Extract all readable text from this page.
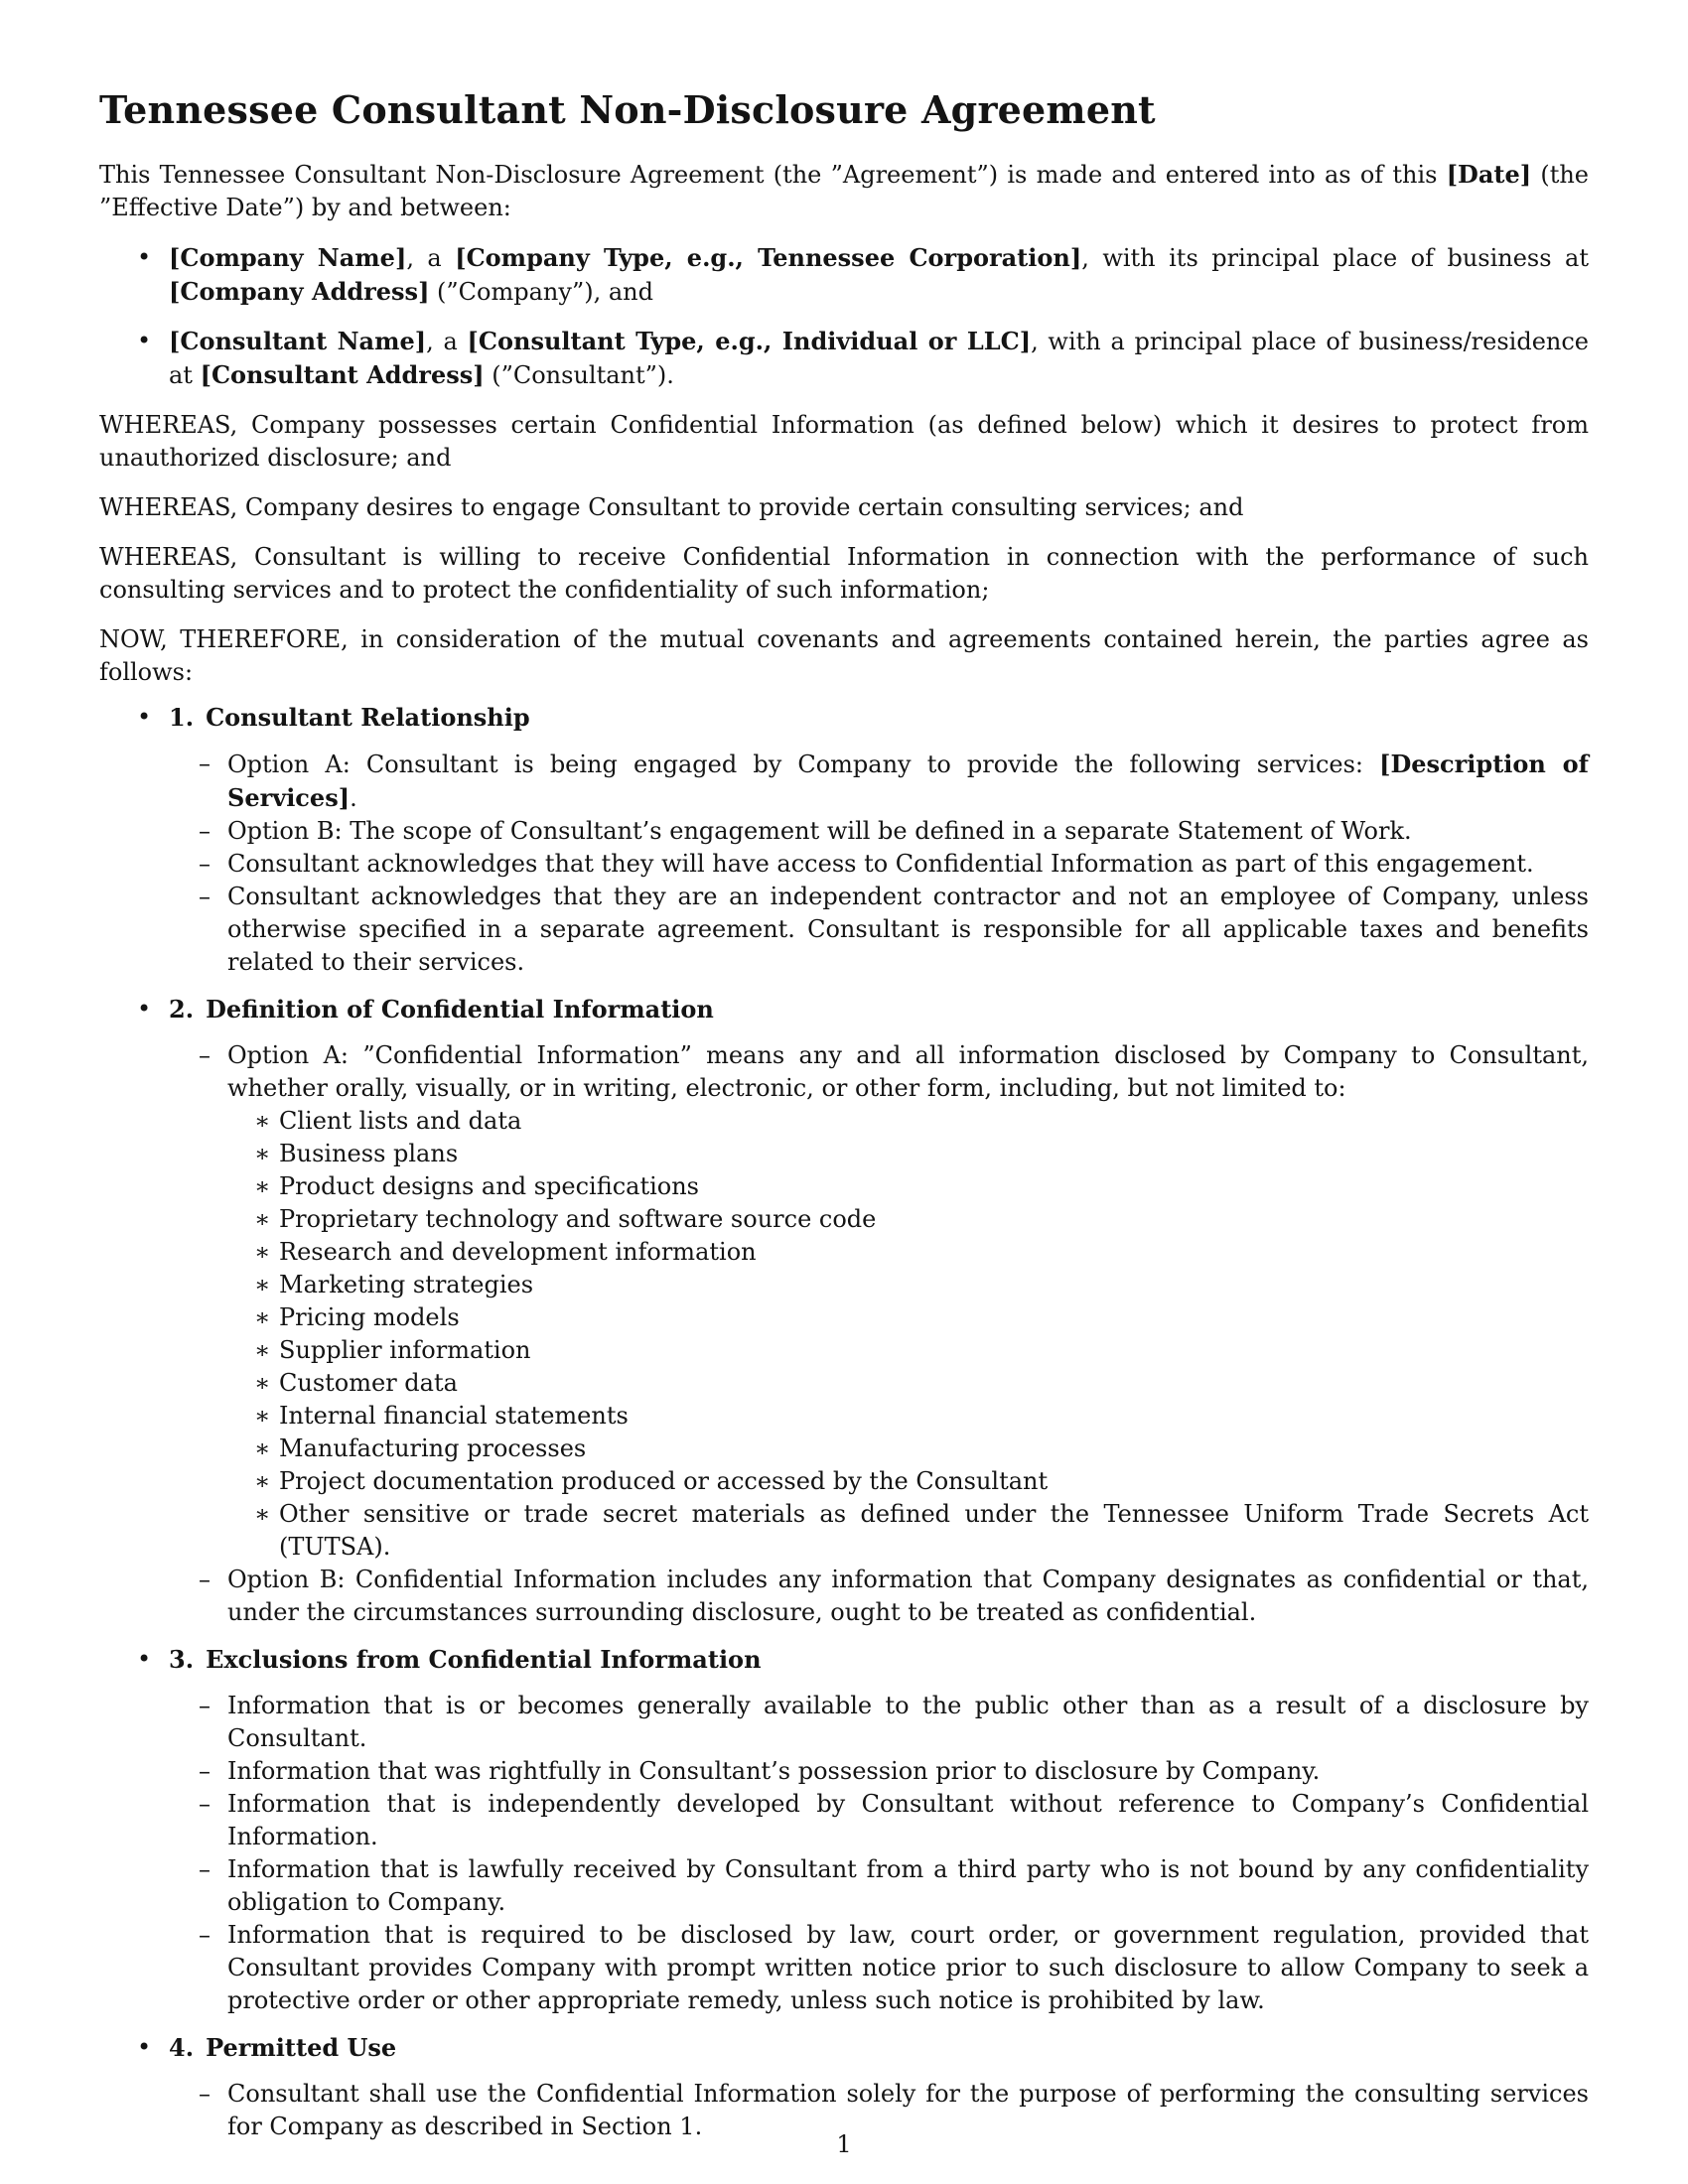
Tennessee Consultant Non-Disclosure Agreement

This Tennessee Consultant Non-Disclosure Agreement (the ”Agreement”) is made and entered into as of this [Date] (the ”Effective Date”) by and between:

• [Company Name], a [Company Type, e.g., Tennessee Corporation], with its principal place of business at [Company Address] (”Company”), and
• [Consultant Name], a [Consultant Type, e.g., Individual or LLC], with a principal place of business/residence at [Consultant Address] (”Consultant”).

WHEREAS, Company possesses certain Confidential Information (as defined below) which it desires to protect from unauthorized disclosure; and

WHEREAS, Company desires to engage Consultant to provide certain consulting services; and

WHEREAS, Consultant is willing to receive Confidential Information in connection with the performance of such consulting services and to protect the confidentiality of such information;

NOW, THEREFORE, in consideration of the mutual covenants and agreements contained herein, the parties agree as follows:

• 1. Consultant Relationship
– Option A: Consultant is being engaged by Company to provide the following services: [Description of Services].
– Option B: The scope of Consultant’s engagement will be defined in a separate Statement of Work.
– Consultant acknowledges that they will have access to Confidential Information as part of this engagement.
– Consultant acknowledges that they are an independent contractor and not an employee of Company, unless otherwise specified in a separate agreement. Consultant is responsible for all applicable taxes and benefits related to their services.
• 2. Definition of Confidential Information
– Option A: ”Confidential Information” means any and all information disclosed by Company to Consultant, whether orally, visually, or in writing, electronic, or other form, including, but not limited to:
∗ Client lists and data
∗ Business plans
∗ Product designs and specifications
∗ Proprietary technology and software source code
∗ Research and development information
∗ Marketing strategies
∗ Pricing models
∗ Supplier information
∗ Customer data
∗ Internal financial statements
∗ Manufacturing processes
∗ Project documentation produced or accessed by the Consultant
∗ Other sensitive or trade secret materials as defined under the Tennessee Uniform Trade Secrets Act (TUTSA).
– Option B: Confidential Information includes any information that Company designates as confidential or that, under the circumstances surrounding disclosure, ought to be treated as confidential.
• 3. Exclusions from Confidential Information
– Information that is or becomes generally available to the public other than as a result of a disclosure by Consultant.
– Information that was rightfully in Consultant’s possession prior to disclosure by Company.
– Information that is independently developed by Consultant without reference to Company’s Confidential Information.
– Information that is lawfully received by Consultant from a third party who is not bound by any confidentiality obligation to Company.
– Information that is required to be disclosed by law, court order, or government regulation, provided that Consultant provides Company with prompt written notice prior to such disclosure to allow Company to seek a protective order or other appropriate remedy, unless such notice is prohibited by law.
• 4. Permitted Use
– Consultant shall use the Confidential Information solely for the purpose of performing the consulting services for Company as described in Section 1.
1
